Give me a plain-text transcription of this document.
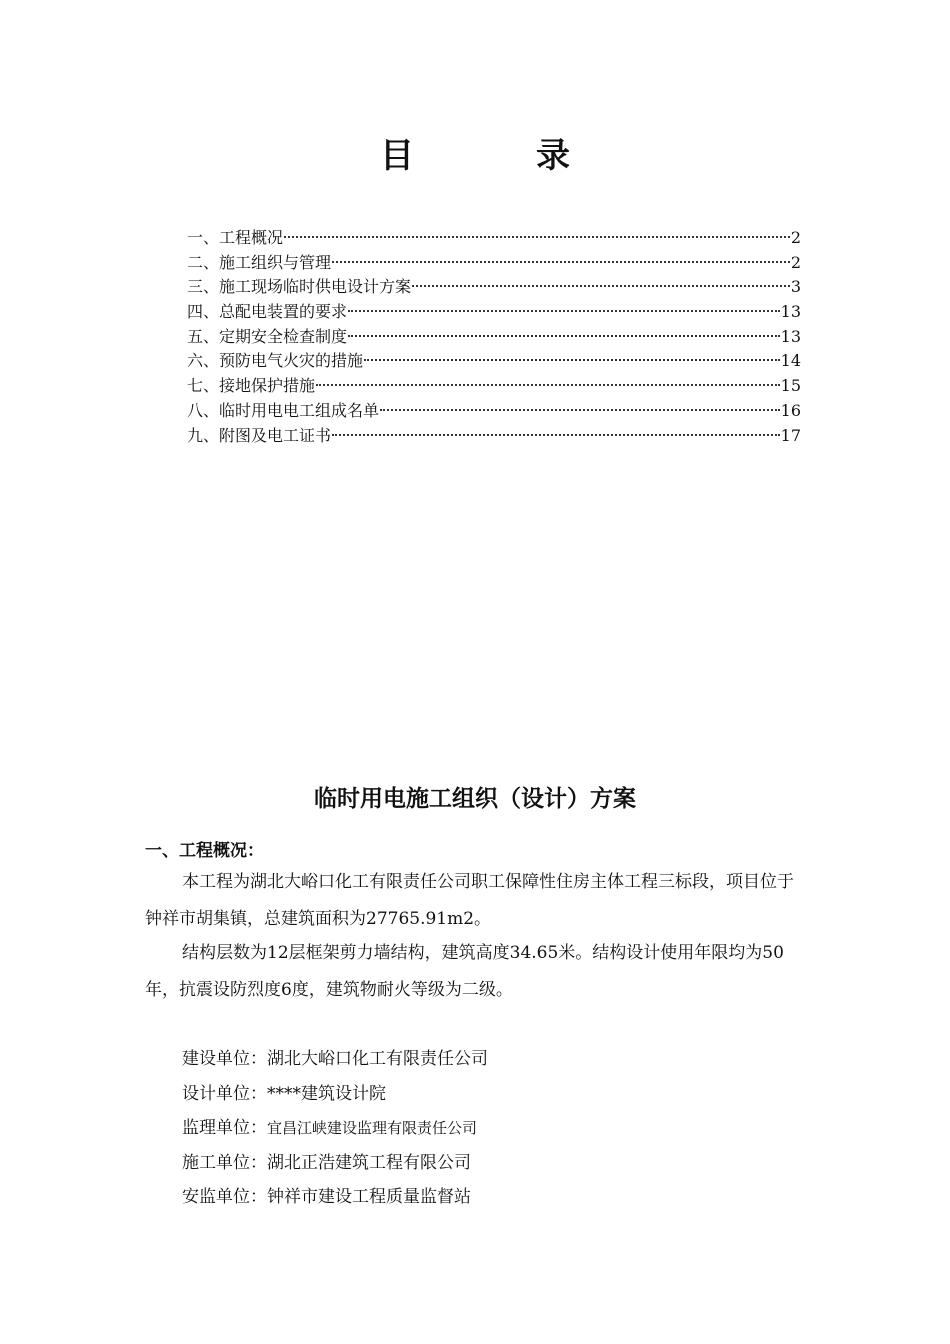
目　录
一、工程概况	2
二、施工组织与管理	2
三、施工现场临时供电设计方案	3
四、总配电装置的要求	13
五、定期安全检查制度	13
六、预防电气火灾的措施	14
七、接地保护措施	15
八、临时用电电工组成名单	16
九、附图及电工证书	17
临时用电施工组织（设计）方案
一、工程概况：
本工程为湖北大峪口化工有限责任公司职工保障性住房主体工程三标段，项目位于钟祥市胡集镇，总建筑面积为27765.91m2。
结构层数为12层框架剪力墙结构，建筑高度34.65米。结构设计使用年限均为50年，抗震设防烈度6度，建筑物耐火等级为二级。
建设单位：湖北大峪口化工有限责任公司
设计单位：****建筑设计院
监理单位：宜昌江峡建设监理有限责任公司
施工单位：湖北正浩建筑工程有限公司
安监单位：钟祥市建设工程质量监督站
